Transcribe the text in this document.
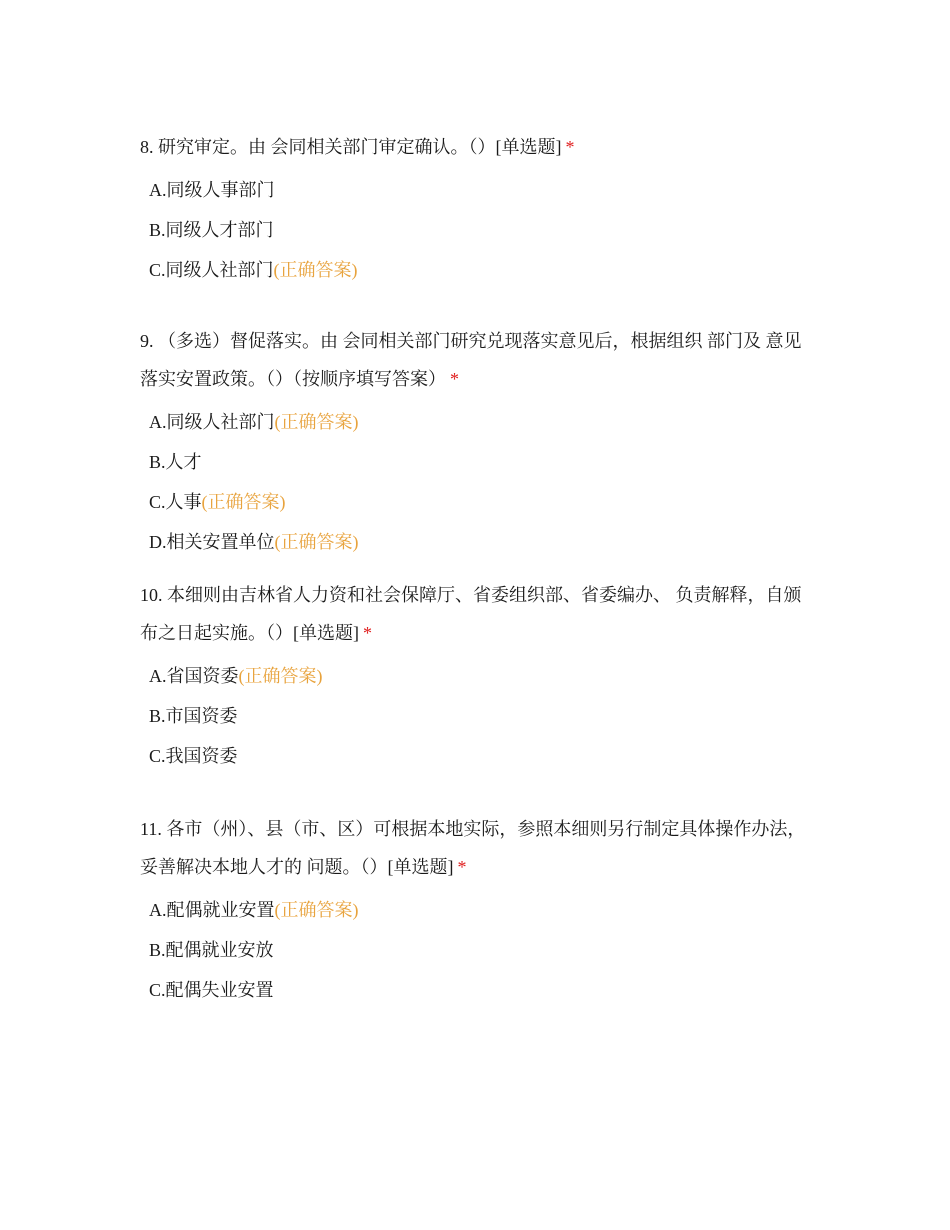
8. 研究审定。由 会同相关部门审定确认。（）[单选题] *

A.同级人事部门
B.同级人才部门
C.同级人社部门(正确答案)

9. （多选）督促落实。由 会同相关部门研究兑现落实意见后，根据组织 部门及 意见落实安置政策。（）（按顺序填写答案） *

A.同级人社部门(正确答案)
B.人才
C.人事(正确答案)
D.相关安置单位(正确答案)

10. 本细则由吉林省人力资和社会保障厅、省委组织部、省委编办、 负责解释，自颁布之日起实施。（）[单选题] *

A.省国资委(正确答案)
B.市国资委
C.我国资委

11. 各市（州）、县（市、区）可根据本地实际，参照本细则另行制定具体操作办法，妥善解决本地人才的 问题。（）[单选题] *

A.配偶就业安置(正确答案)
B.配偶就业安放
C.配偶失业安置
